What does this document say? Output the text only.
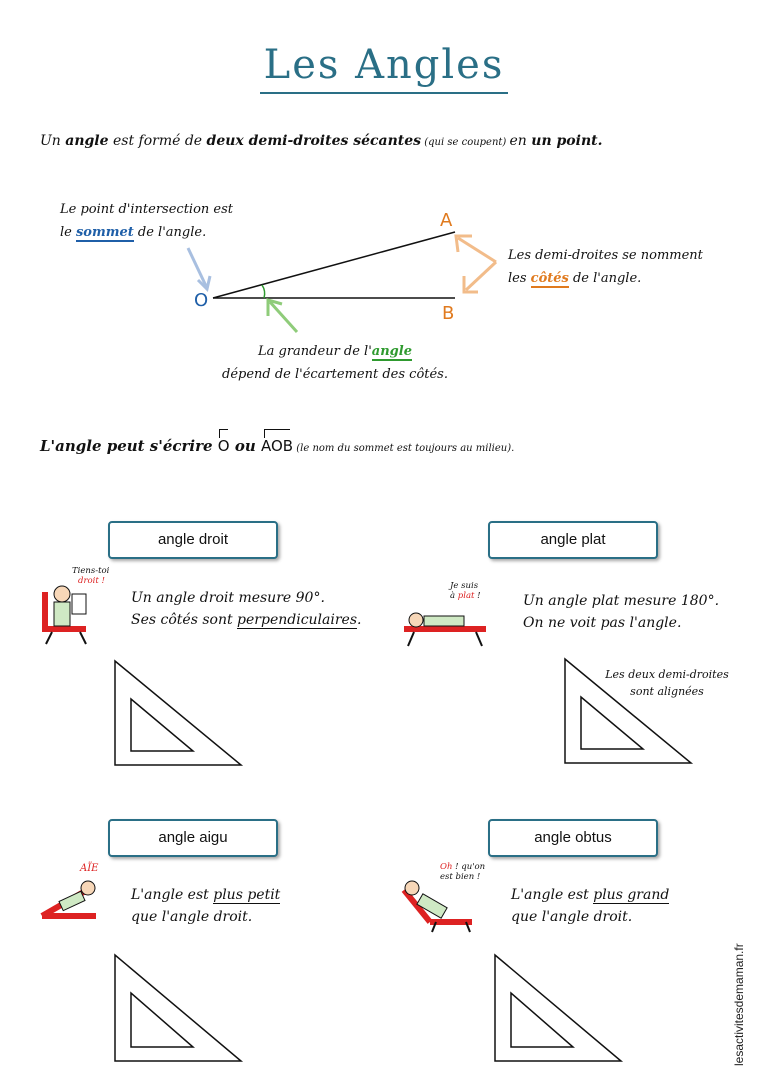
Les Angles
Un angle est formé de deux demi-droites sécantes (qui se coupent) en un point.
O
A
B
Le point d'intersection est
le sommet de l'angle.
Les demi-droites se nomment
les côtés de l'angle.
La grandeur de l'angle
dépend de l'écartement des côtés.
L'angle peut s'écrire O ou AOB (le nom du sommet est toujours au milieu).
angle droit
Tiens-toi
droit !
Un angle droit mesure 90°.
Ses côtés sont perpendiculaires.
angle plat
Je suis
à plat !	Un angle plat mesure 180°.
On ne voit pas l'angle.
Les deux demi-droites
sont alignées
angle aigu
AÏE
L'angle est plus petit
que l'angle droit.
angle obtus
Oh ! qu'on
est bien !
L'angle est plus grand
que l'angle droit.
lesactivitesdemaman.fr
